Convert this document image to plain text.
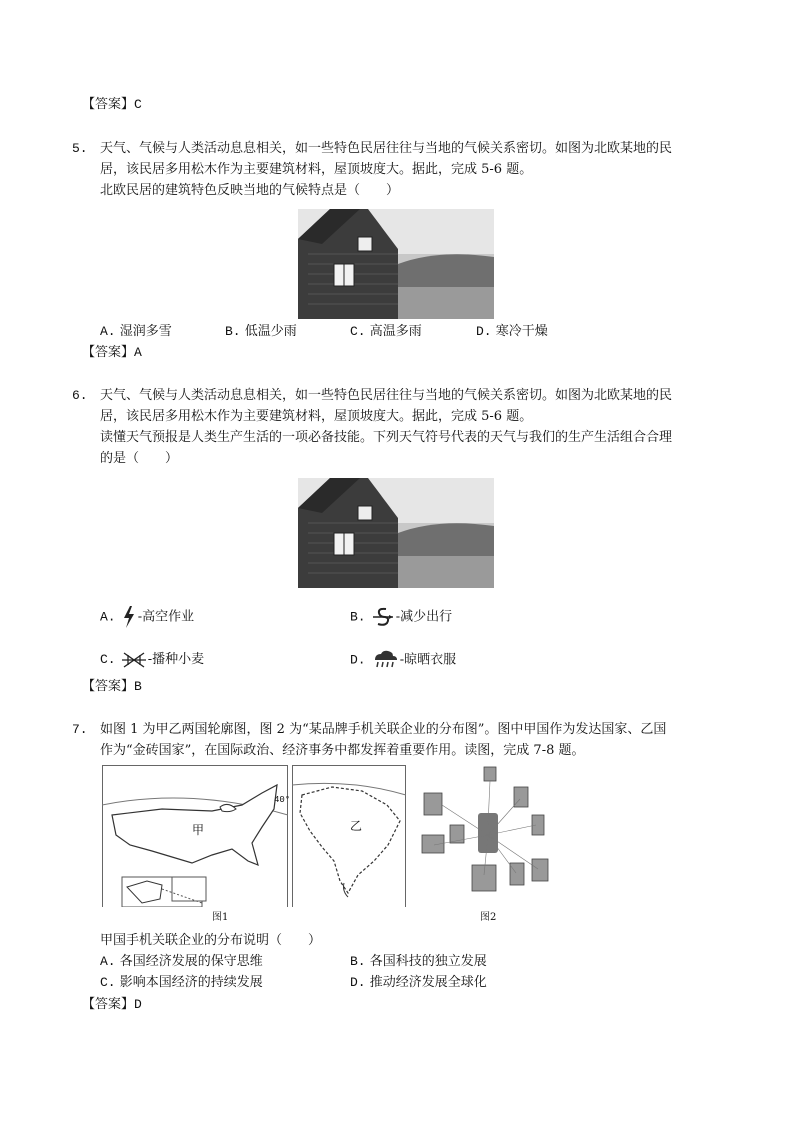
【答案】C
5. 天气、气候与人类活动息息相关，如一些特色民居往往与当地的气候关系密切。如图为北欧某地的民
居，该民居多用松木作为主要建筑材料，屋顶坡度大。据此，完成 5-6 题。
北欧民居的建筑特色反映当地的气候特点是（　　）
A. 湿润多雪	B. 低温少雨	C. 高温多雨	D. 寒冷干燥
【答案】A
6. 天气、气候与人类活动息息相关，如一些特色民居往往与当地的气候关系密切。如图为北欧某地的民
居，该民居多用松木作为主要建筑材料，屋顶坡度大。据此，完成 5-6 题。
读懂天气预报是人类生产生活的一项必备技能。下列天气符号代表的天气与我们的生产生活组合合理
的是（　　）
A. -高空作业	B. -减少出行
C. -播种小麦	D.	-晾晒衣服
【答案】B
7. 如图 1 为甲乙两国轮廓图，图 2 为“某品牌手机关联企业的分布图”。图中甲国作为发达国家、乙国
作为“金砖国家”，在国际政治、经济事务中都发挥着重要作用。读图，完成 7-8 题。
甲
40°
乙
图1	图2
甲国手机关联企业的分布说明（　　）
A. 各国经济发展的保守思维	B. 各国科技的独立发展
C. 影响本国经济的持续发展	D. 推动经济发展全球化
【答案】D
